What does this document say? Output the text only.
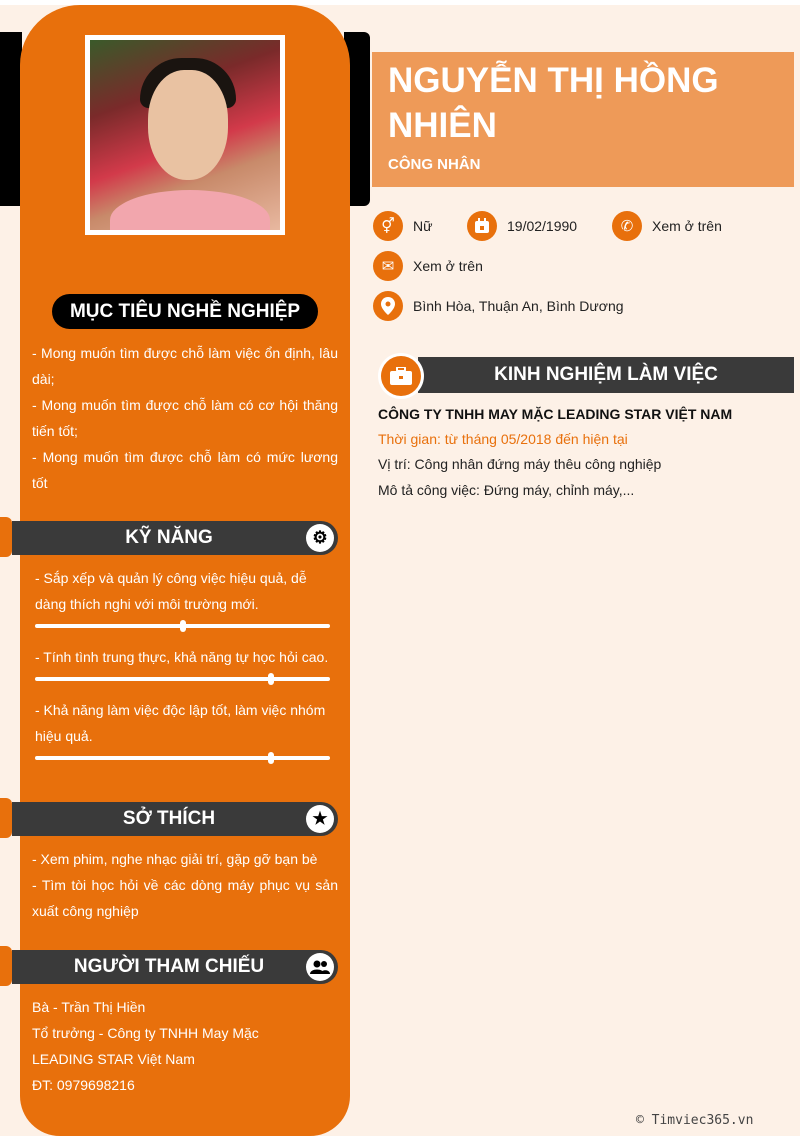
MỤC TIÊU NGHỀ NGHIỆP
- Mong muốn tìm được chỗ làm việc ổn định, lâu dài;
- Mong muốn tìm được chỗ làm có cơ hội thăng tiến tốt;
- Mong muốn tìm được chỗ làm có mức lương tốt
KỸ NĂNG	⚙
- Sắp xếp và quản lý công việc hiệu quả, dễ dàng thích nghi với môi trường mới.
- Tính tình trung thực, khả năng tự học hỏi cao.
- Khả năng làm việc độc lập tốt, làm việc nhóm hiệu quả.
SỞ THÍCH	★
- Xem phim, nghe nhạc giải trí, gặp gỡ bạn bè
- Tìm tòi học hỏi về các dòng máy phục vụ sản xuất công nghiệp
NGƯỜI THAM CHIẾU
Bà - Trần Thị Hiền
Tổ trưởng - Công ty TNHH May Mặc LEADING STAR Việt Nam
ĐT: 0979698216
NGUYỄN THỊ HỒNG NHIÊN
CÔNG NHÂN
⚥	Nữ	19/02/1990	✆	Xem ở trên
✉	Xem ở trên
Bình Hòa, Thuận An, Bình Dương
KINH NGHIỆM LÀM VIỆC
CÔNG TY TNHH MAY MẶC LEADING STAR VIỆT NAM
Thời gian: từ tháng 05/2018 đến hiện tại
Vị trí: Công nhân đứng máy thêu công nghiệp
Mô tả công việc: Đứng máy, chỉnh máy,...
© Timviec365.vn
